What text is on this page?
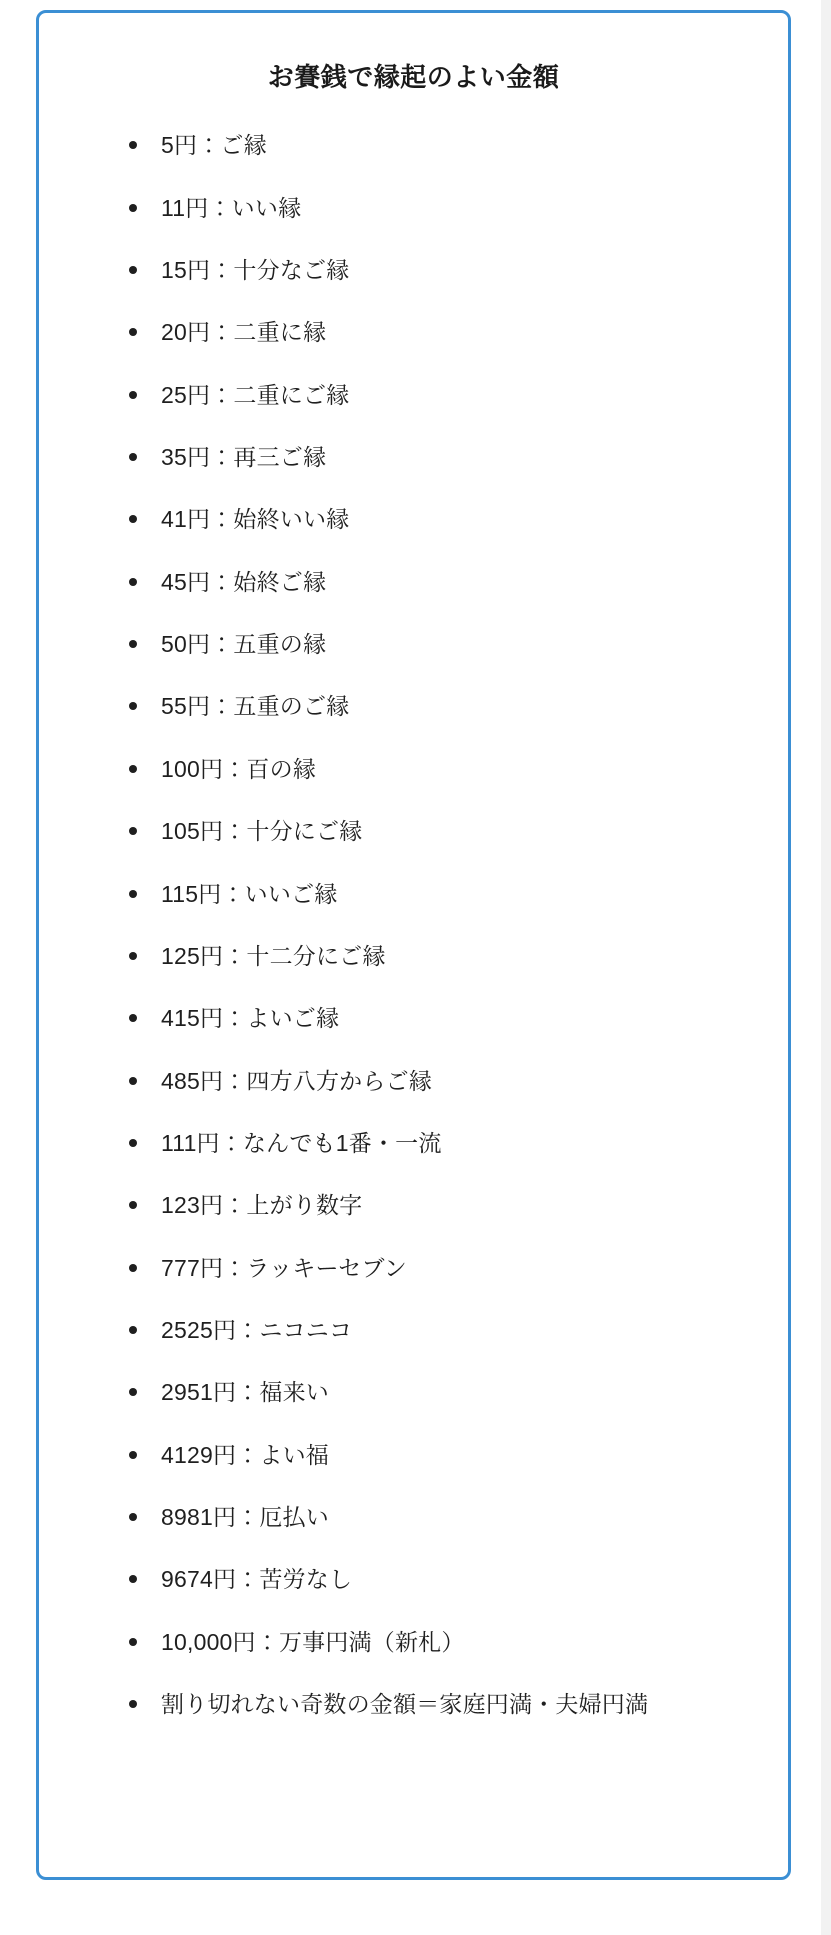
お賽銭で縁起のよい金額
5円：ご縁
11円：いい縁
15円：十分なご縁
20円：二重に縁
25円：二重にご縁
35円：再三ご縁
41円：始終いい縁
45円：始終ご縁
50円：五重の縁
55円：五重のご縁
100円：百の縁
105円：十分にご縁
115円：いいご縁
125円：十二分にご縁
415円：よいご縁
485円：四方八方からご縁
111円：なんでも1番・一流
123円：上がり数字
777円：ラッキーセブン
2525円：ニコニコ
2951円：福来い
4129円：よい福
8981円：厄払い
9674円：苦労なし
10,000円：万事円満（新札）
割り切れない奇数の金額＝家庭円満・夫婦円満
